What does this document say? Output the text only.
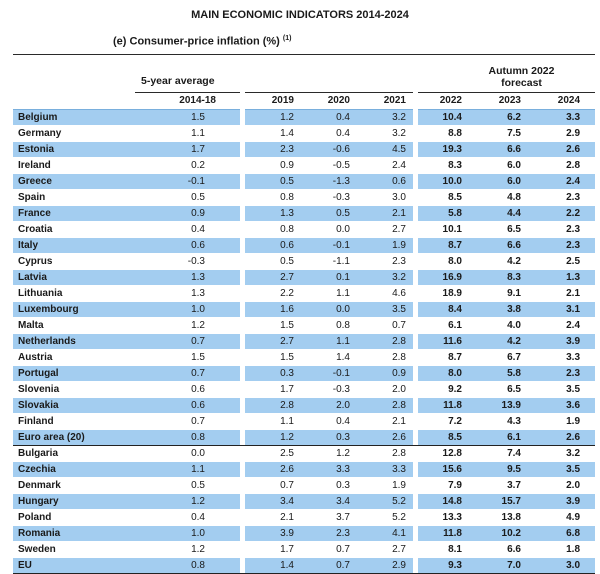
MAIN ECONOMIC INDICATORS 2014-2024
(e) Consumer-price inflation (%) $^{(1)}$
	5-year average						Autumn 2022
forecast		

	2014-18		2019	2020	2021		2022	2023	2024
Belgium	1.5		1.2	0.4	3.2		10.4	6.2	3.3
Germany	1.1		1.4	0.4	3.2		8.8	7.5	2.9
Estonia	1.7		2.3	-0.6	4.5		19.3	6.6	2.6
Ireland	0.2		0.9	-0.5	2.4		8.3	6.0	2.8
Greece	-0.1		0.5	-1.3	0.6		10.0	6.0	2.4
Spain	0.5		0.8	-0.3	3.0		8.5	4.8	2.3
France	0.9		1.3	0.5	2.1		5.8	4.4	2.2
Croatia	0.4		0.8	0.0	2.7		10.1	6.5	2.3
Italy	0.6		0.6	-0.1	1.9		8.7	6.6	2.3
Cyprus	-0.3		0.5	-1.1	2.3		8.0	4.2	2.5
Latvia	1.3		2.7	0.1	3.2		16.9	8.3	1.3
Lithuania	1.3		2.2	1.1	4.6		18.9	9.1	2.1
Luxembourg	1.0		1.6	0.0	3.5		8.4	3.8	3.1
Malta	1.2		1.5	0.8	0.7		6.1	4.0	2.4
Netherlands	0.7		2.7	1.1	2.8		11.6	4.2	3.9
Austria	1.5		1.5	1.4	2.8		8.7	6.7	3.3
Portugal	0.7		0.3	-0.1	0.9		8.0	5.8	2.3
Slovenia	0.6		1.7	-0.3	2.0		9.2	6.5	3.5
Slovakia	0.6		2.8	2.0	2.8		11.8	13.9	3.6
Finland	0.7		1.1	0.4	2.1		7.2	4.3	1.9
Euro area (20)	0.8		1.2	0.3	2.6		8.5	6.1	2.6
Bulgaria	0.0		2.5	1.2	2.8		12.8	7.4	3.2
Czechia	1.1		2.6	3.3	3.3		15.6	9.5	3.5
Denmark	0.5		0.7	0.3	1.9		7.9	3.7	2.0
Hungary	1.2		3.4	3.4	5.2		14.8	15.7	3.9
Poland	0.4		2.1	3.7	5.2		13.3	13.8	4.9
Romania	1.0		3.9	2.3	4.1		11.8	10.2	6.8
Sweden	1.2		1.7	0.7	2.7		8.1	6.6	1.8
EU	0.8		1.4	0.7	2.9		9.3	7.0	3.0
